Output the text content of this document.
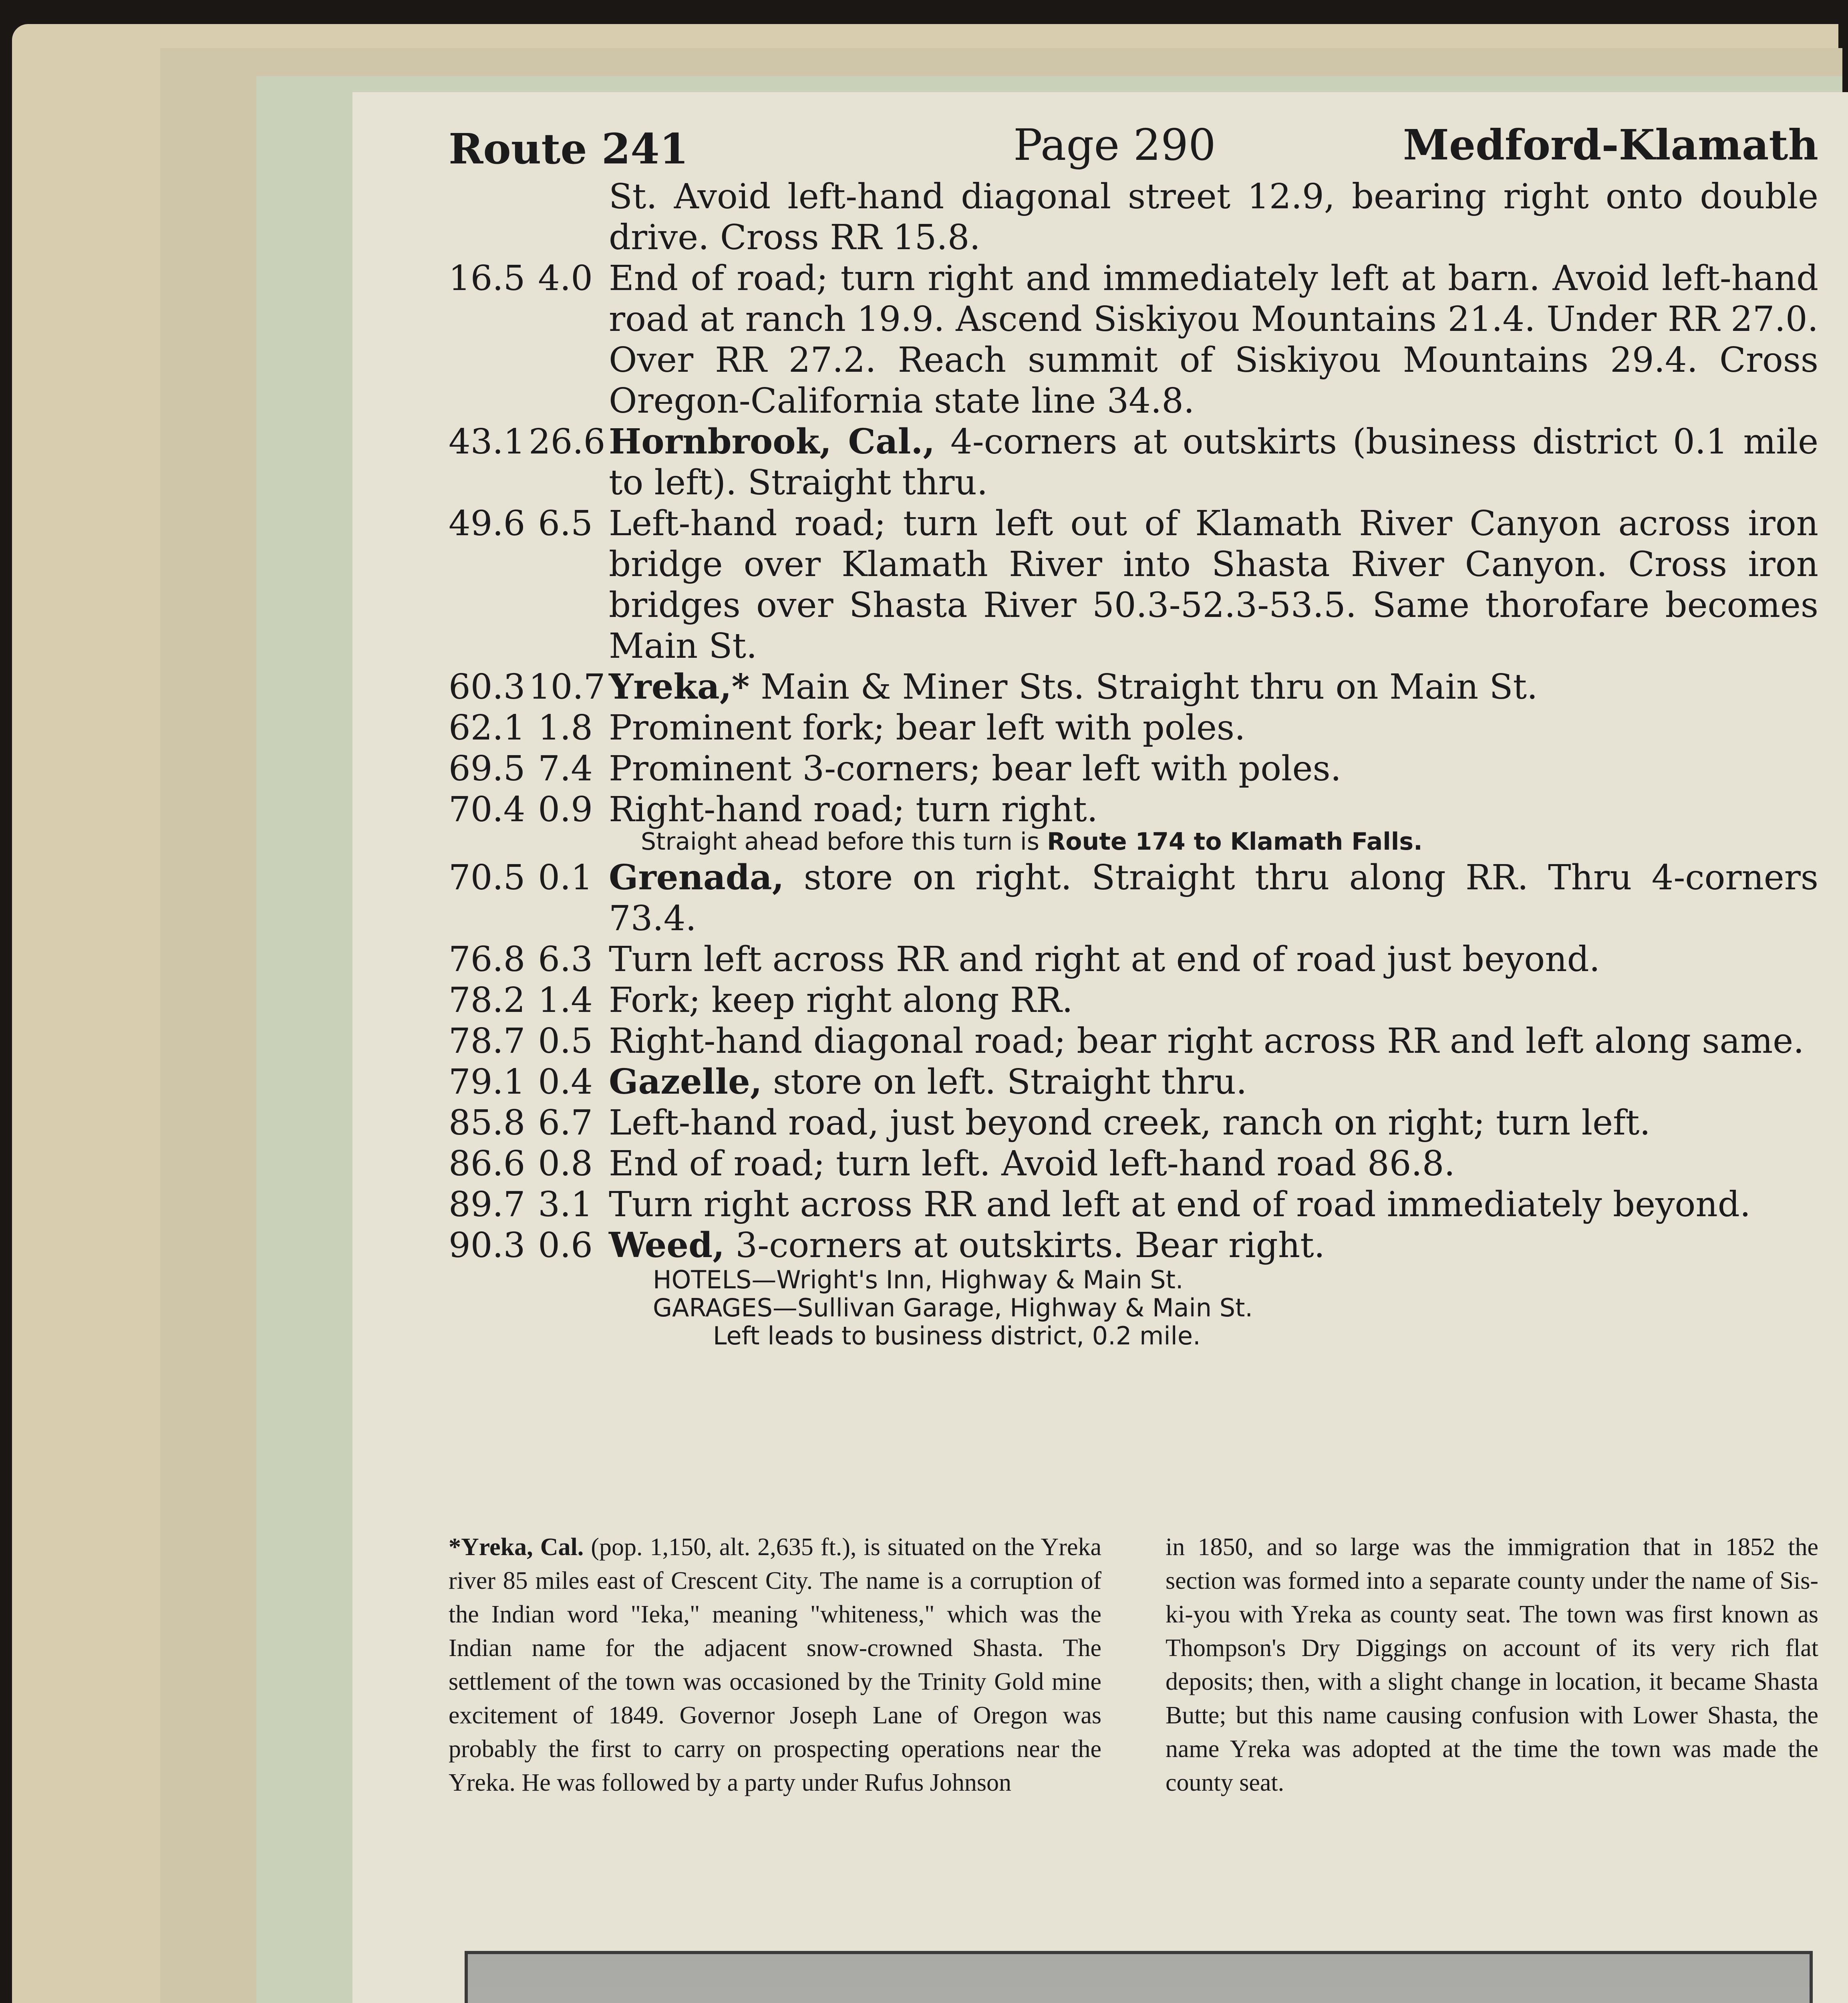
Route 241	Page 290	Medford-Klamath
St. Avoid left-hand diagonal street 12.9, bearing right onto double drive. Cross RR 15.8.
16.5 4.0 End of road; turn right and immediately left at barn. Avoid left-hand road at ranch 19.9. Ascend Siskiyou Mountains 21.4. Under RR 27.0. Over RR 27.2. Reach summit of Siskiyou Mountains 29.4. Cross Oregon-California state line 34.8.
43.1 26.6 Hornbrook, Cal., 4-corners at outskirts (business district 0.1 mile to left). Straight thru.
49.6 6.5 Left-hand road; turn left out of Klamath River Canyon across iron bridge over Klamath River into Shasta River Canyon. Cross iron bridges over Shasta River 50.3-52.3-53.5. Same thorofare becomes Main St.
60.3 10.7 Yreka,* Main & Miner Sts. Straight thru on Main St.
62.1 1.8 Prominent fork; bear left with poles.
69.5 7.4 Prominent 3-corners; bear left with poles.
70.4 0.9 Right-hand road; turn right.
Straight ahead before this turn is Route 174 to Klamath Falls.
70.5 0.1 Grenada, store on right. Straight thru along RR. Thru 4-corners 73.4.
76.8 6.3 Turn left across RR and right at end of road just beyond.
78.2 1.4 Fork; keep right along RR.
78.7 0.5 Right-hand diagonal road; bear right across RR and left along same.
79.1 0.4 Gazelle, store on left. Straight thru.
85.8 6.7 Left-hand road, just beyond creek, ranch on right; turn left.
86.6 0.8 End of road; turn left. Avoid left-hand road 86.8.
89.7 3.1 Turn right across RR and left at end of road immediately beyond.
90.3 0.6 Weed, 3-corners at outskirts. Bear right.
HOTELS—Wright's Inn, Highway & Main St.
GARAGES—Sullivan Garage, Highway & Main St.
Left leads to business district, 0.2 mile.
*Yreka, Cal. (pop. 1,150, alt. 2,635 ft.), is situated on the Yreka river 85 miles east of Crescent City. The name is a corruption of the Indian word "Ieka," meaning "whiteness," which was the Indian name for the adjacent snow-crowned Shasta. The settlement of the town was occasioned by the Trinity Gold mine excitement of 1849. Governor Joseph Lane of Oregon was probably the first to carry on prospecting operations near the Yreka. He was followed by a party under Rufus Johnson
in 1850, and so large was the immigration that in 1852 the section was formed into a separate county under the name of Sis-ki-you with Yreka as county seat. The town was first known as Thompson's Dry Diggings on account of its very rich flat deposits; then, with a slight change in location, it became Shasta Butte; but this name causing confusion with Lower Shasta, the name Yreka was adopted at the time the town was made the county seat.
